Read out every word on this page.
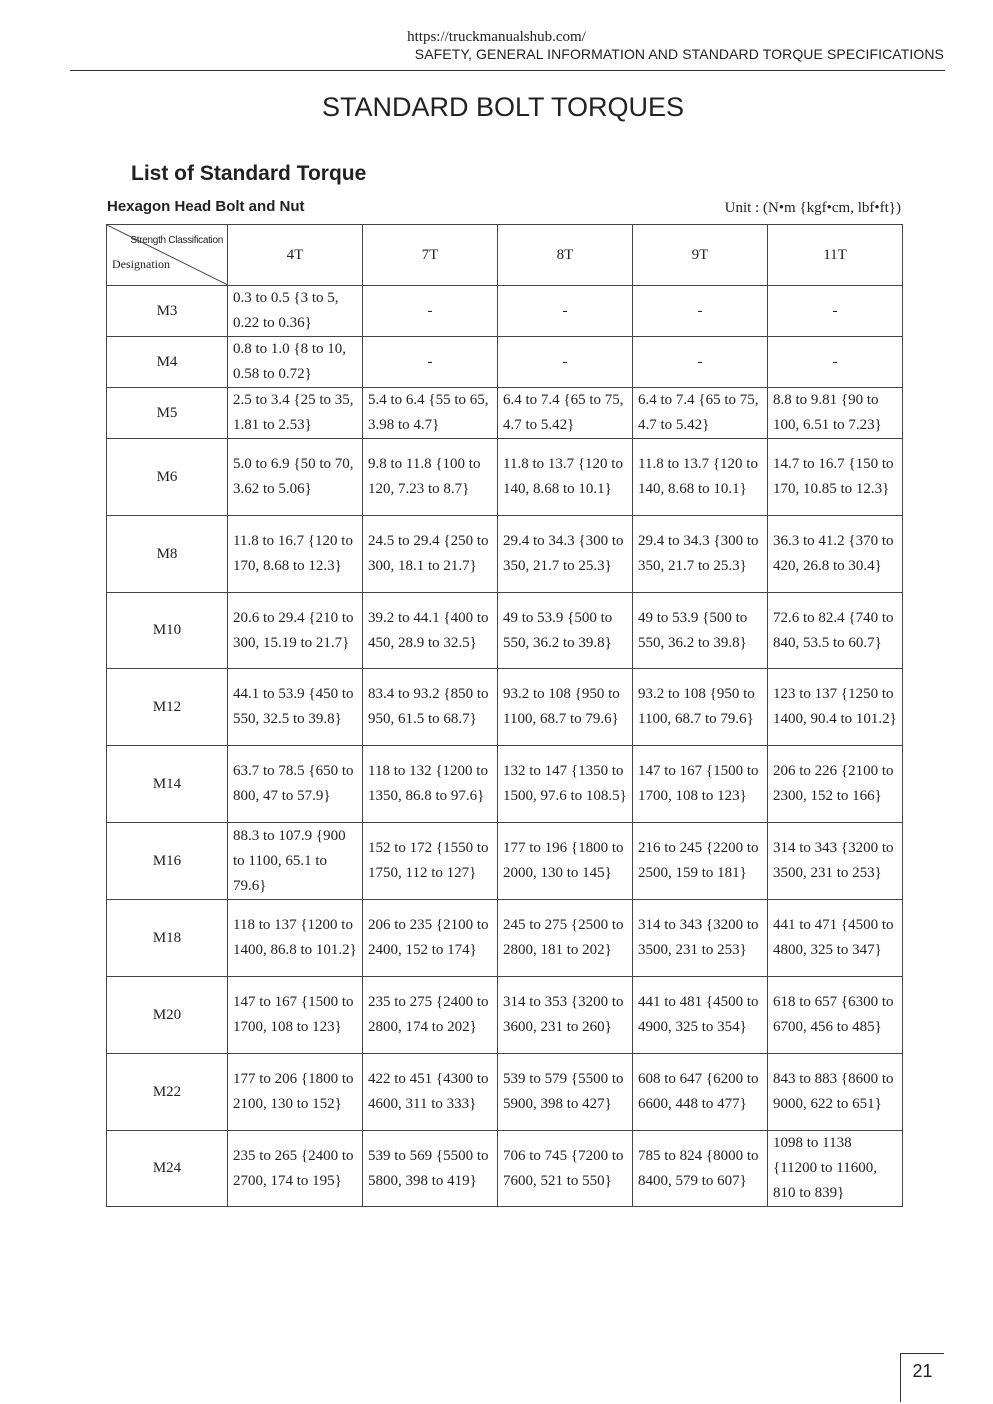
https://truckmanualshub.com/
SAFETY, GENERAL INFORMATION AND STANDARD TORQUE SPECIFICATIONS
STANDARD BOLT TORQUES
List of Standard Torque
Hexagon Head Bolt and Nut	Unit : (N•m {kgf•cm, lbf•ft})
Strength Classification
Designation	4T	7T	8T	9T	11T
M3	0.3 to 0.5 {3 to 5, 0.22 to 0.36}	-	-	-	-
M4	0.8 to 1.0 {8 to 10, 0.58 to 0.72}	-	-	-	-
M5	2.5 to 3.4 {25 to 35, 1.81 to 2.53}	5.4 to 6.4 {55 to 65, 3.98 to 4.7}	6.4 to 7.4 {65 to 75, 4.7 to 5.42}	6.4 to 7.4 {65 to 75, 4.7 to 5.42}	8.8 to 9.81 {90 to 100, 6.51 to 7.23}
M6	5.0 to 6.9 {50 to 70, 3.62 to 5.06}	9.8 to 11.8 {100 to 120, 7.23 to 8.7}	11.8 to 13.7 {120 to 140, 8.68 to 10.1}	11.8 to 13.7 {120 to 140, 8.68 to 10.1}	14.7 to 16.7 {150 to 170, 10.85 to 12.3}
M8	11.8 to 16.7 {120 to 170, 8.68 to 12.3}	24.5 to 29.4 {250 to 300, 18.1 to 21.7}	29.4 to 34.3 {300 to 350, 21.7 to 25.3}	29.4 to 34.3 {300 to 350, 21.7 to 25.3}	36.3 to 41.2 {370 to 420, 26.8 to 30.4}
M10	20.6 to 29.4 {210 to 300, 15.19 to 21.7}	39.2 to 44.1 {400 to 450, 28.9 to 32.5}	49 to 53.9 {500 to 550, 36.2 to 39.8}	49 to 53.9 {500 to 550, 36.2 to 39.8}	72.6 to 82.4 {740 to 840, 53.5 to 60.7}
M12	44.1 to 53.9 {450 to 550, 32.5 to 39.8}	83.4 to 93.2 {850 to 950, 61.5 to 68.7}	93.2 to 108 {950 to 1100, 68.7 to 79.6}	93.2 to 108 {950 to 1100, 68.7 to 79.6}	123 to 137 {1250 to 1400, 90.4 to 101.2}
M14	63.7 to 78.5 {650 to 800, 47 to 57.9}	118 to 132 {1200 to 1350, 86.8 to 97.6}	132 to 147 {1350 to 1500, 97.6 to 108.5}	147 to 167 {1500 to 1700, 108 to 123}	206 to 226 {2100 to 2300, 152 to 166}
M16	88.3 to 107.9 {900 to 1100, 65.1 to 79.6}	152 to 172 {1550 to 1750, 112 to 127}	177 to 196 {1800 to 2000, 130 to 145}	216 to 245 {2200 to 2500, 159 to 181}	314 to 343 {3200 to 3500, 231 to 253}
M18	118 to 137 {1200 to 1400, 86.8 to 101.2}	206 to 235 {2100 to 2400, 152 to 174}	245 to 275 {2500 to 2800, 181 to 202}	314 to 343 {3200 to 3500, 231 to 253}	441 to 471 {4500 to 4800, 325 to 347}
M20	147 to 167 {1500 to 1700, 108 to 123}	235 to 275 {2400 to 2800, 174 to 202}	314 to 353 {3200 to 3600, 231 to 260}	441 to 481 {4500 to 4900, 325 to 354}	618 to 657 {6300 to 6700, 456 to 485}
M22	177 to 206 {1800 to 2100, 130 to 152}	422 to 451 {4300 to 4600, 311 to 333}	539 to 579 {5500 to 5900, 398 to 427}	608 to 647 {6200 to 6600, 448 to 477}	843 to 883 {8600 to 9000, 622 to 651}
M24	235 to 265 {2400 to 2700, 174 to 195}	539 to 569 {5500 to 5800, 398 to 419}	706 to 745 {7200 to 7600, 521 to 550}	785 to 824 {8000 to 8400, 579 to 607}	1098 to 1138 {11200 to 11600, 810 to 839}
21
